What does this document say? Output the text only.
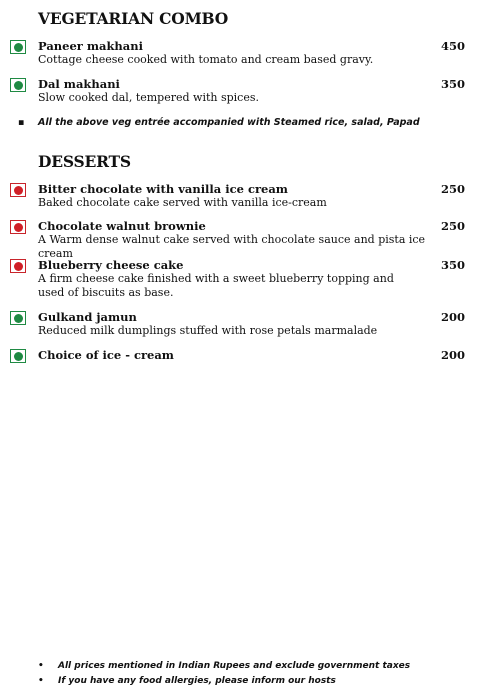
VEGETARIAN COMBO
Paneer makhani	450
Cottage cheese cooked with tomato and cream based gravy.
Dal makhani	350
Slow cooked dal, tempered with spices.
▪ All the above veg entrée accompanied with Steamed rice, salad, Papad
DESSERTS
Bitter chocolate with vanilla ice cream	250
Baked chocolate cake served with vanilla ice-cream
Chocolate walnut brownie	250
A Warm dense walnut cake served with chocolate sauce and pista ice cream
Blueberry cheese cake	350
A firm cheese cake finished with a sweet blueberry topping and used of biscuits as base.
Gulkand jamun	200
Reduced milk dumplings stuffed with rose petals marmalade
Choice of ice - cream	200
• All prices mentioned in Indian Rupees and exclude government taxes
• If you have any food allergies, please inform our hosts
